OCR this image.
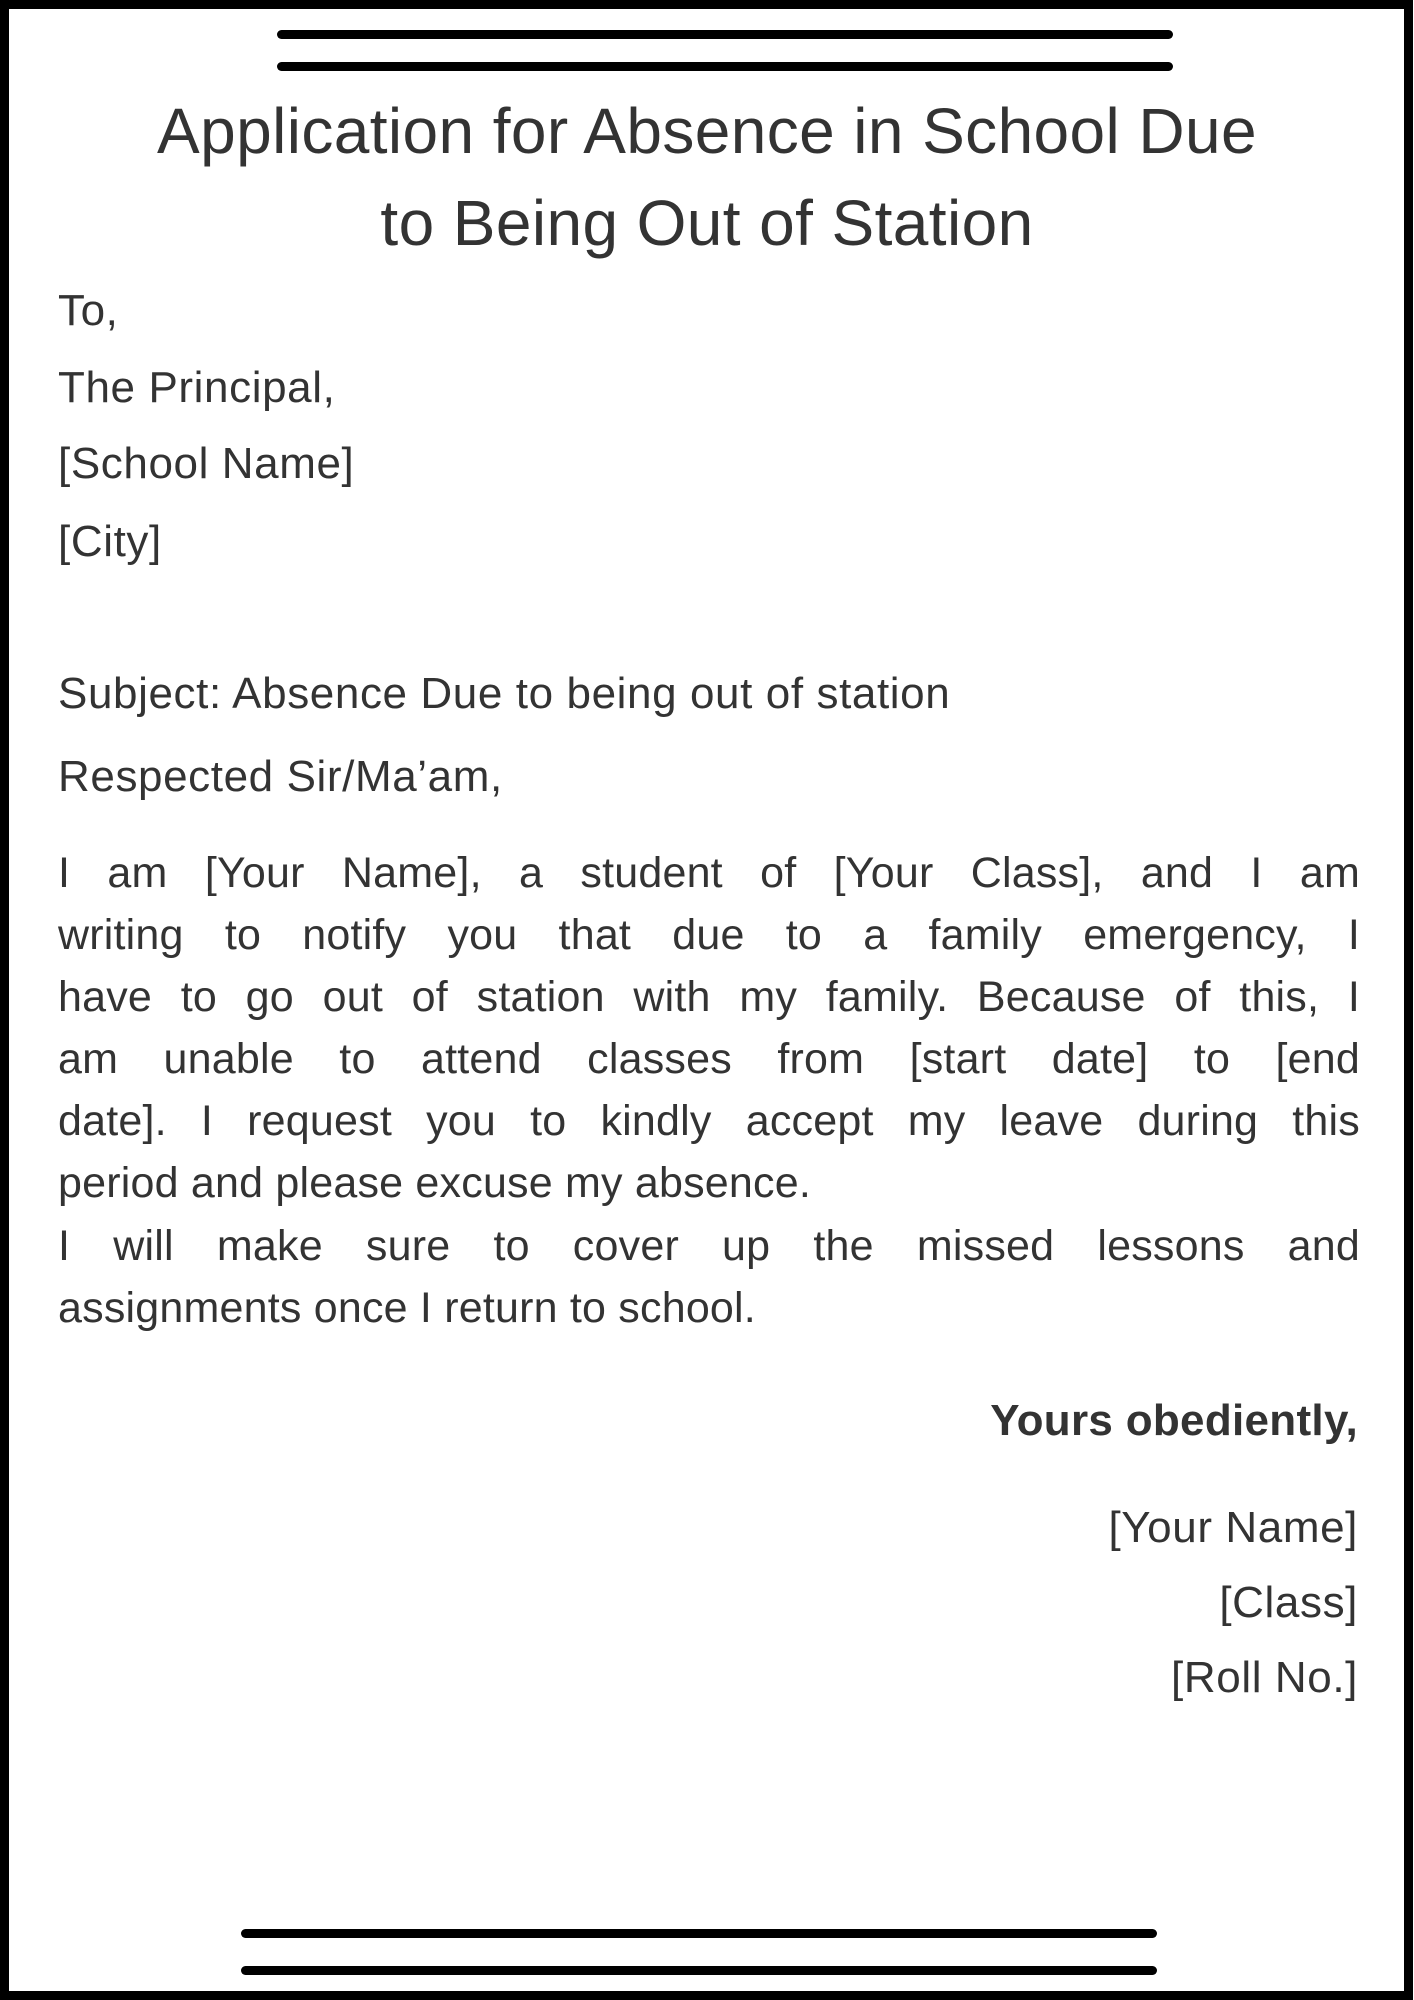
Application for Absence in School Due
to Being Out of Station
To,
The Principal,
[School Name]
[City]
Subject: Absence Due to being out of station
Respected Sir/Ma’am,
I am [Your Name], a student of [Your Class], and I am
writing to notify you that due to a family emergency, I
have to go out of station with my family. Because of this, I
am unable to attend classes from [start date] to [end
date]. I request you to kindly accept my leave during this
period and please excuse my absence.
I will make sure to cover up the missed lessons and
assignments once I return to school.
Yours obediently,
[Your Name]
[Class]
[Roll No.]
